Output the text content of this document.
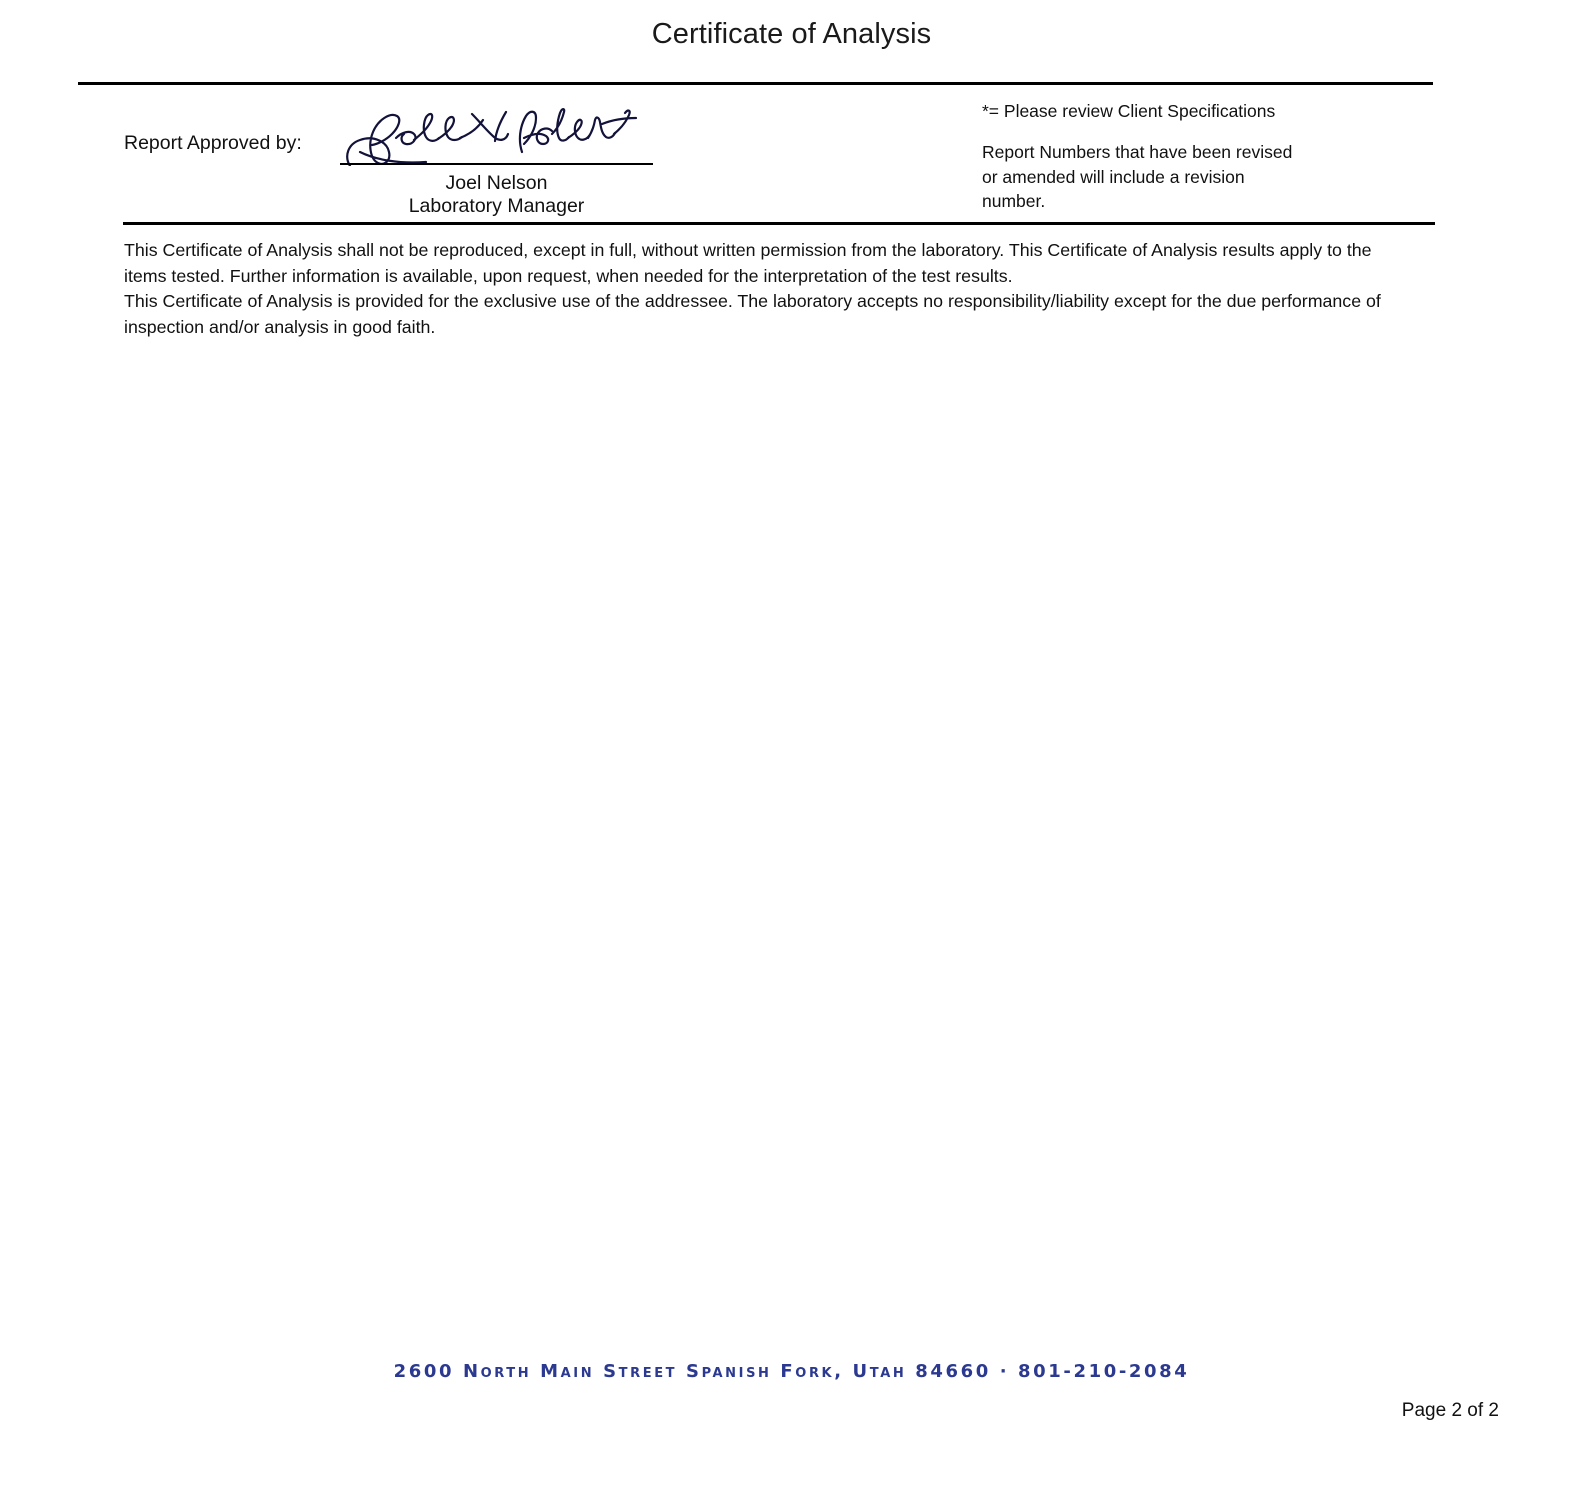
Certificate of Analysis
Report Approved by:
Joel Nelson
Laboratory Manager
*= Please review Client Specifications
Report Numbers that have been revised or amended will include a revision number.

This Certificate of Analysis shall not be reproduced, except in full, without written permission from the laboratory. This Certificate of Analysis results apply to the items tested. Further information is available, upon request, when needed for the interpretation of the test results.

This Certificate of Analysis is provided for the exclusive use of the addressee. The laboratory accepts no responsibility/liability except for the due performance of inspection and/or analysis in good faith.

2600 North Main Street Spanish Fork, Utah 84660 · 801-210-2084
Page 2 of 2
